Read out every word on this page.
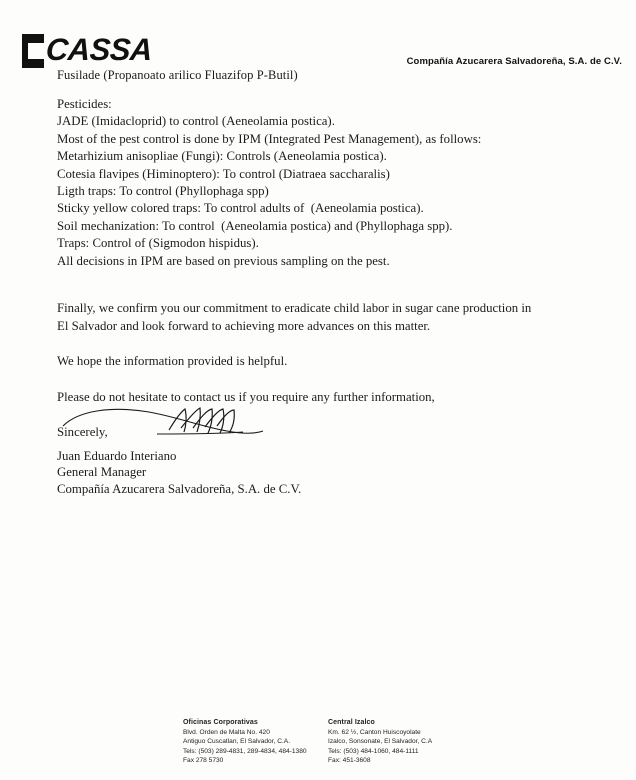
CASSA	Compañía Azucarera Salvadoreña, S.A. de C.V.
Fusilade (Propanoato arilico Fluazifop P-Butil)
Pesticides:
JADE (Imidacloprid) to control (Aeneolamia postica).
Most of the pest control is done by IPM (Integrated Pest Management), as follows:
Metarhizium anisopliae (Fungi): Controls (Aeneolamia postica).
Cotesia flavipes (Himinoptero): To control (Diatraea saccharalis)
Ligth traps: To control (Phyllophaga spp)
Sticky yellow colored traps: To control adults of  (Aeneolamia postica).
Soil mechanization: To control  (Aeneolamia postica) and (Phyllophaga spp).
Traps: Control of (Sigmodon hispidus).
All decisions in IPM are based on previous sampling on the pest.
Finally, we confirm you our commitment to eradicate child labor in sugar cane production in
El Salvador and look forward to achieving more advances on this matter.
We hope the information provided is helpful.
Please do not hesitate to contact us if you require any further information,
Sincerely,
Juan Eduardo Interiano
General Manager
Compañía Azucarera Salvadoreña, S.A. de C.V.
Oficinas Corporativas
Blvd. Orden de Malta No. 420
Antiguo Cuscatlan, El Salvador, C.A.
Tels: (503) 289-4831, 289-4834, 484-1380
Fax 278 5730
Central Izalco
Km. 62 ½, Canton Huiscoyolate
Izalco, Sonsonate, El Salvador, C.A
Tels: (503) 484-1060, 484-1111
Fax: 451-3608
